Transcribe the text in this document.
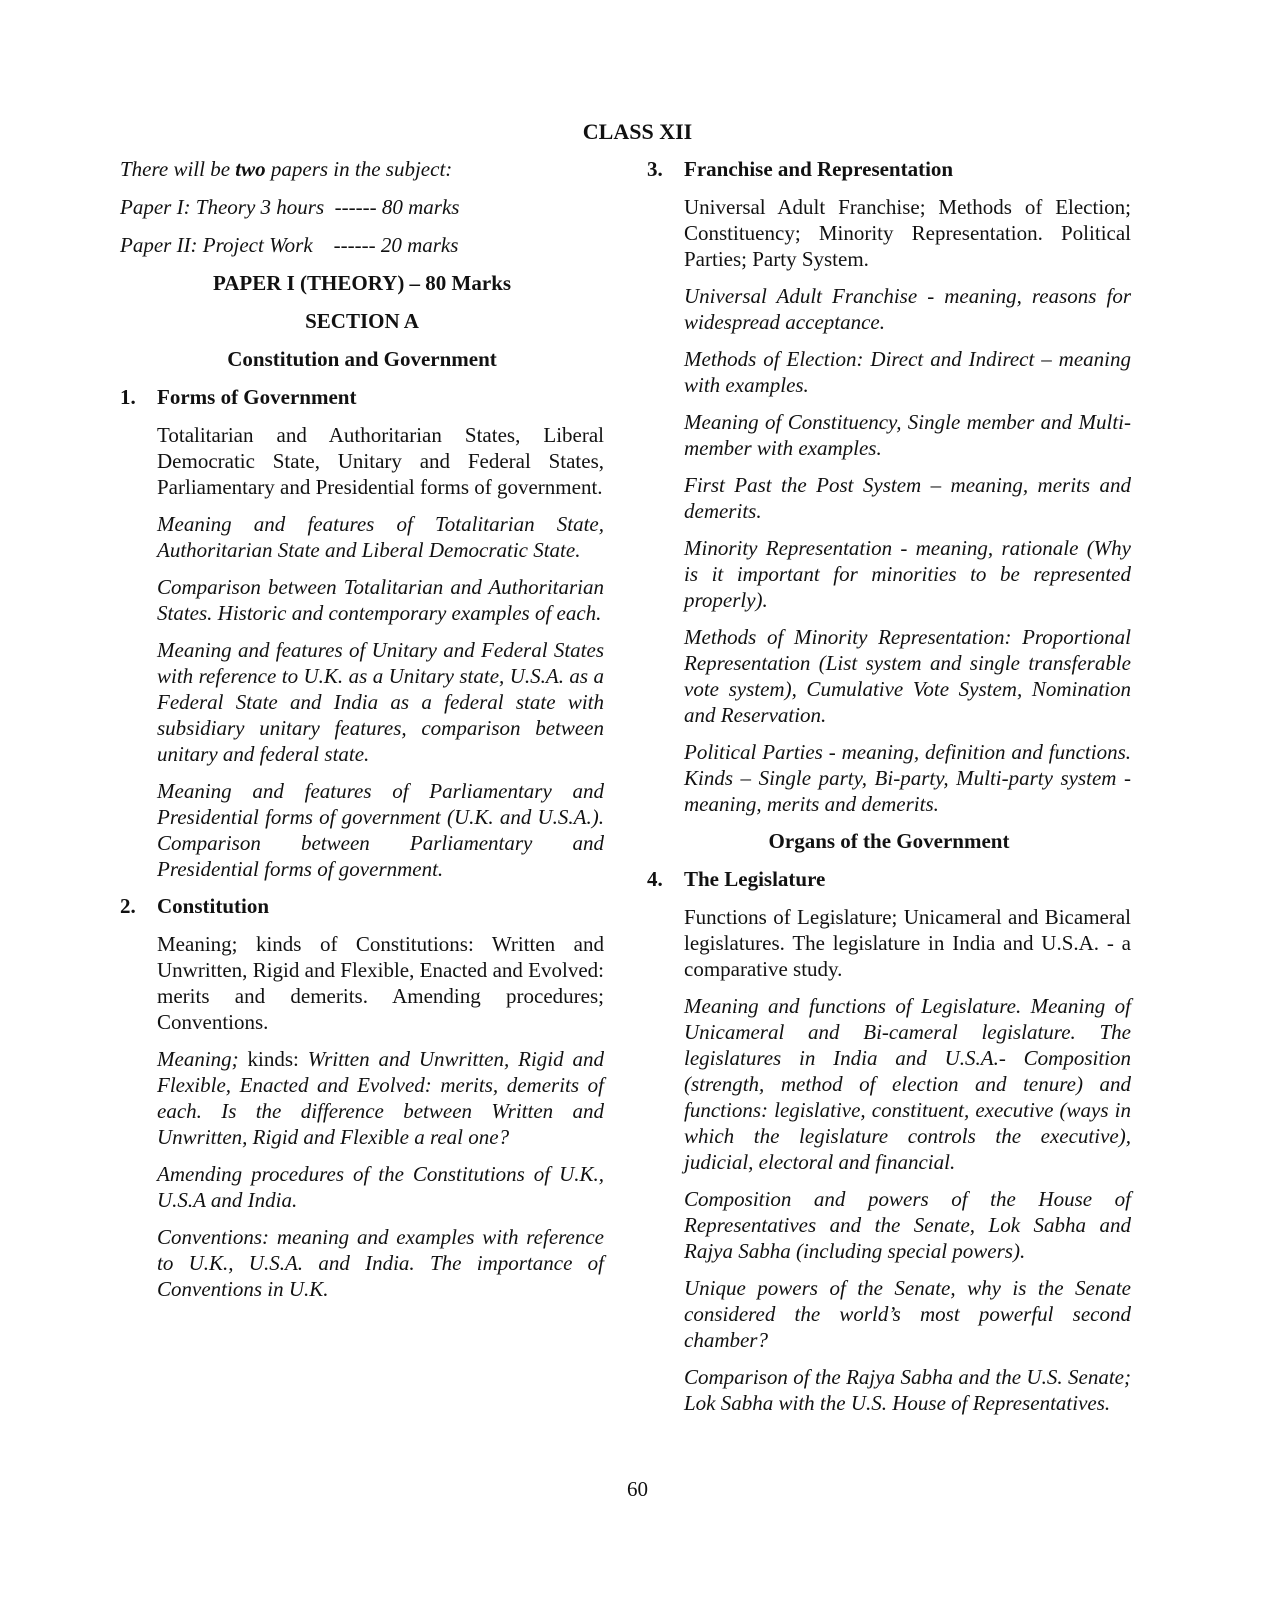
CLASS XII

There will be two papers in the subject:

Paper I: Theory 3 hours  ------ 80 marks

Paper II: Project Work    ------ 20 marks

PAPER I (THEORY) – 80 Marks

SECTION A

Constitution and Government

1.	Forms of Government

Totalitarian and Authoritarian States, Liberal Democratic State, Unitary and Federal States, Parliamentary and Presidential forms of government.

Meaning and features of Totalitarian State, Authoritarian State and Liberal Democratic State.

Comparison between Totalitarian and Authoritarian States. Historic and contemporary examples of each.

Meaning and features of Unitary and Federal States with reference to U.K. as a Unitary state, U.S.A. as a Federal State and India as a federal state with subsidiary unitary features, comparison between unitary and federal state.

Meaning and features of Parliamentary and Presidential forms of government (U.K. and U.S.A.). Comparison between Parliamentary and Presidential forms of government.

2.	Constitution

Meaning; kinds of Constitutions: Written and Unwritten, Rigid and Flexible, Enacted and Evolved: merits and demerits. Amending procedures; Conventions.

Meaning; kinds: Written and Unwritten, Rigid and Flexible, Enacted and Evolved: merits, demerits of each. Is the difference between Written and Unwritten, Rigid and Flexible a real one?

Amending procedures of the Constitutions of U.K., U.S.A and India.

Conventions: meaning and examples with reference to U.K., U.S.A. and India. The importance of Conventions in U.K.

3.	Franchise and Representation

Universal Adult Franchise; Methods of Election; Constituency; Minority Representation. Political Parties; Party System.

Universal Adult Franchise - meaning, reasons for widespread acceptance.

Methods of Election: Direct and Indirect – meaning with examples.

Meaning of Constituency, Single member and Multi-member with examples.

First Past the Post System – meaning, merits and demerits.

Minority Representation - meaning, rationale (Why is it important for minorities to be represented properly).

Methods of Minority Representation: Proportional Representation (List system and single transferable vote system), Cumulative Vote System, Nomination and Reservation.

Political Parties - meaning, definition and functions. Kinds – Single party, Bi-party, Multi-party system - meaning, merits and demerits.

Organs of the Government

4.	The Legislature

Functions of Legislature; Unicameral and Bicameral legislatures. The legislature in India and U.S.A. - a comparative study.

Meaning and functions of Legislature. Meaning of Unicameral and Bi-cameral legislature. The legislatures in India and U.S.A.- Composition (strength, method of election and tenure) and functions: legislative, constituent, executive (ways in which the legislature controls the executive), judicial, electoral and financial.

Composition and powers of the House of Representatives and the Senate, Lok Sabha and Rajya Sabha (including special powers).

Unique powers of the Senate, why is the Senate considered the world’s most powerful second chamber?

Comparison of the Rajya Sabha and the U.S. Senate; Lok Sabha with the U.S. House of Representatives.

60
